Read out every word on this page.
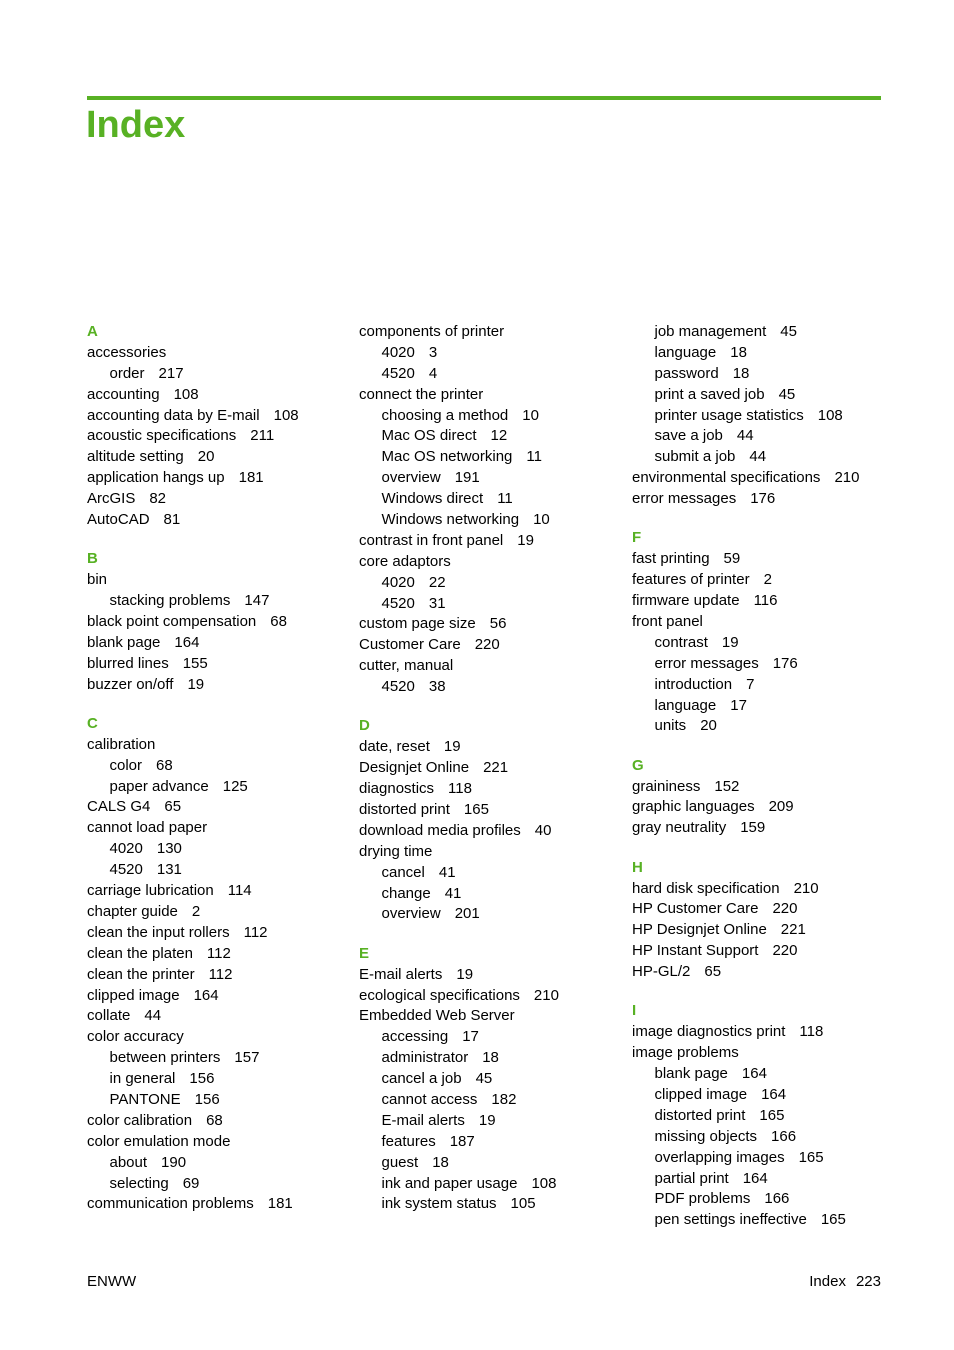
Index
A
accessories
order 217
accounting 108
accounting data by E-mail 108
acoustic specifications 211
altitude setting 20
application hangs up 181
ArcGIS 82
AutoCAD 81
B
bin
stacking problems 147
black point compensation 68
blank page 164
blurred lines 155
buzzer on/off 19
C
calibration
color 68
paper advance 125
CALS G4 65
cannot load paper
4020 130
4520 131
carriage lubrication 114
chapter guide 2
clean the input rollers 112
clean the platen 112
clean the printer 112
clipped image 164
collate 44
color accuracy
between printers 157
in general 156
PANTONE 156
color calibration 68
color emulation mode
about 190
selecting 69
communication problems 181
components of printer
4020 3
4520 4
connect the printer
choosing a method 10
Mac OS direct 12
Mac OS networking 11
overview 191
Windows direct 11
Windows networking 10
contrast in front panel 19
core adaptors
4020 22
4520 31
custom page size 56
Customer Care 220
cutter, manual
4520 38
D
date, reset 19
Designjet Online 221
diagnostics 118
distorted print 165
download media profiles 40
drying time
cancel 41
change 41
overview 201
E
E-mail alerts 19
ecological specifications 210
Embedded Web Server
accessing 17
administrator 18
cancel a job 45
cannot access 182
E-mail alerts 19
features 187
guest 18
ink and paper usage 108
ink system status 105
job management 45
language 18
password 18
print a saved job 45
printer usage statistics 108
save a job 44
submit a job 44
environmental specifications 210
error messages 176
F
fast printing 59
features of printer 2
firmware update 116
front panel
contrast 19
error messages 176
introduction 7
language 17
units 20
G
graininess 152
graphic languages 209
gray neutrality 159
H
hard disk specification 210
HP Customer Care 220
HP Designjet Online 221
HP Instant Support 220
HP-GL/2 65
I
image diagnostics print 118
image problems
blank page 164
clipped image 164
distorted print 165
missing objects 166
overlapping images 165
partial print 164
PDF problems 166
pen settings ineffective 165
ENWW	Index 223
